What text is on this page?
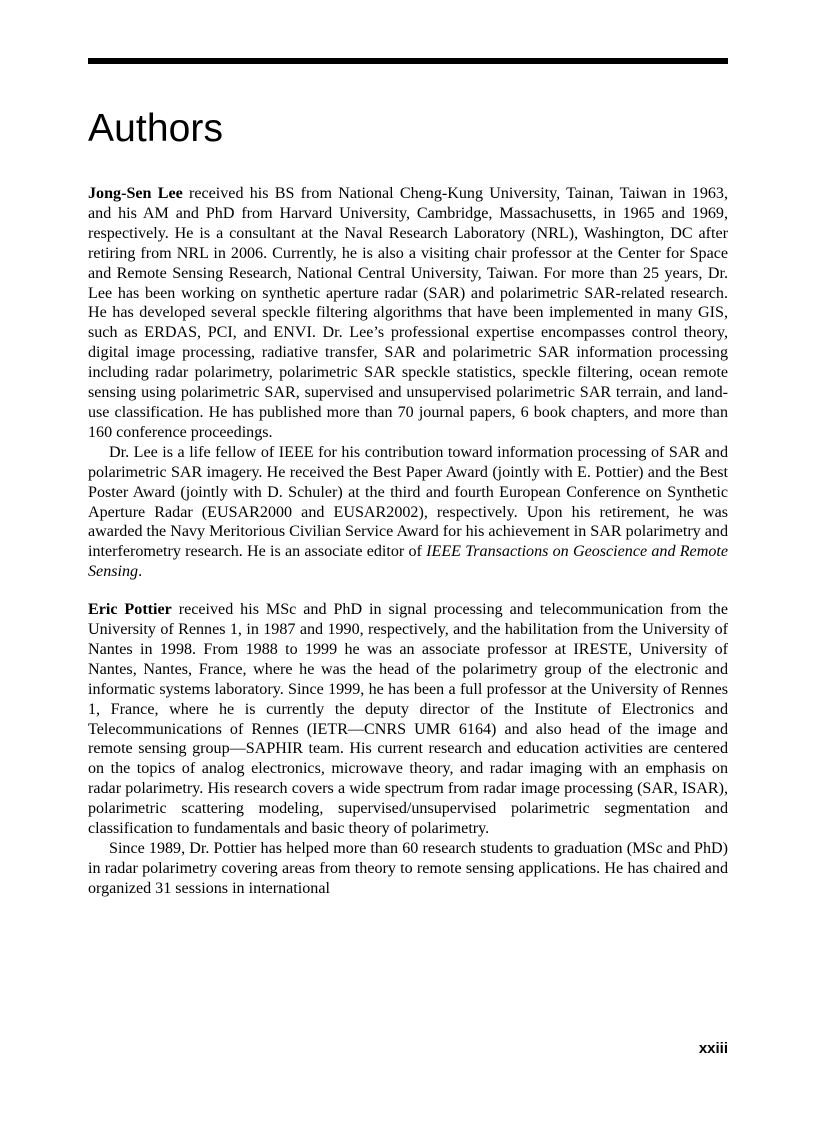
Authors

Jong-Sen Lee received his BS from National Cheng-Kung University, Tainan, Taiwan in 1963, and his AM and PhD from Harvard University, Cambridge, Massachusetts, in 1965 and 1969, respectively. He is a consultant at the Naval Research Laboratory (NRL), Washington, DC after retiring from NRL in 2006. Currently, he is also a visiting chair professor at the Center for Space and Remote Sensing Research, National Central University, Taiwan. For more than 25 years, Dr. Lee has been working on synthetic aperture radar (SAR) and polarimetric SAR-related research. He has developed several speckle filtering algorithms that have been implemented in many GIS, such as ERDAS, PCI, and ENVI. Dr. Lee’s professional expertise encompasses control theory, digital image processing, radiative transfer, SAR and polarimetric SAR information processing including radar polarimetry, polarimetric SAR speckle statistics, speckle filtering, ocean remote sensing using polarimetric SAR, supervised and unsupervised polarimetric SAR terrain, and land-use classification. He has published more than 70 journal papers, 6 book chapters, and more than 160 conference proceedings.

Dr. Lee is a life fellow of IEEE for his contribution toward information processing of SAR and polarimetric SAR imagery. He received the Best Paper Award (jointly with E. Pottier) and the Best Poster Award (jointly with D. Schuler) at the third and fourth European Conference on Synthetic Aperture Radar (EUSAR2000 and EUSAR2002), respectively. Upon his retirement, he was awarded the Navy Meritorious Civilian Service Award for his achievement in SAR polarimetry and interferometry research. He is an associate editor of IEEE Transactions on Geoscience and Remote Sensing.

Eric Pottier received his MSc and PhD in signal processing and telecommunication from the University of Rennes 1, in 1987 and 1990, respectively, and the habilitation from the University of Nantes in 1998. From 1988 to 1999 he was an associate professor at IRESTE, University of Nantes, Nantes, France, where he was the head of the polarimetry group of the electronic and informatic systems laboratory. Since 1999, he has been a full professor at the University of Rennes 1, France, where he is currently the deputy director of the Institute of Electronics and Telecommunications of Rennes (IETR—CNRS UMR 6164) and also head of the image and remote sensing group—SAPHIR team. His current research and education activities are centered on the topics of analog electronics, microwave theory, and radar imaging with an emphasis on radar polarimetry. His research covers a wide spectrum from radar image processing (SAR, ISAR), polarimetric scattering modeling, supervised/unsupervised polarimetric segmentation and classification to fundamentals and basic theory of polarimetry.

Since 1989, Dr. Pottier has helped more than 60 research students to graduation (MSc and PhD) in radar polarimetry covering areas from theory to remote sensing applications. He has chaired and organized 31 sessions in international

xxiii
